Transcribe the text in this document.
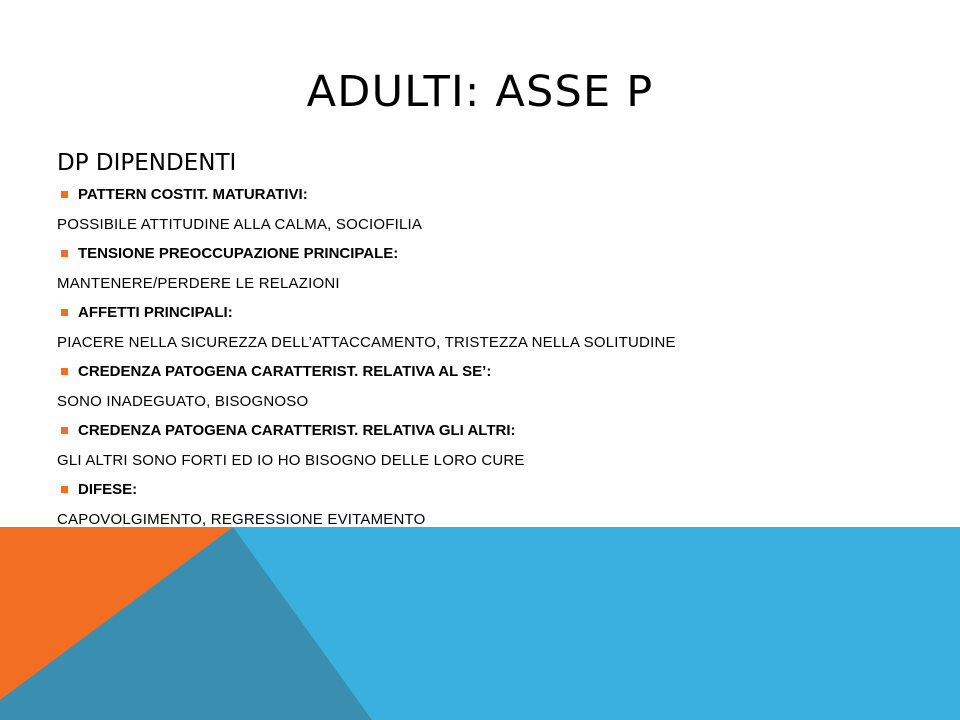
ADULTI: ASSE P
DP DIPENDENTI
PATTERN COSTIT. MATURATIVI:
POSSIBILE ATTITUDINE ALLA CALMA, SOCIOFILIA
TENSIONE PREOCCUPAZIONE PRINCIPALE:
MANTENERE/PERDERE LE RELAZIONI
AFFETTI PRINCIPALI:
PIACERE NELLA SICUREZZA DELL’ATTACCAMENTO, TRISTEZZA NELLA SOLITUDINE
CREDENZA PATOGENA CARATTERIST. RELATIVA AL SE’:
SONO INADEGUATO, BISOGNOSO
CREDENZA PATOGENA CARATTERIST. RELATIVA GLI ALTRI:
GLI ALTRI SONO FORTI ED IO HO BISOGNO DELLE LORO CURE
DIFESE:
CAPOVOLGIMENTO, REGRESSIONE EVITAMENTO
